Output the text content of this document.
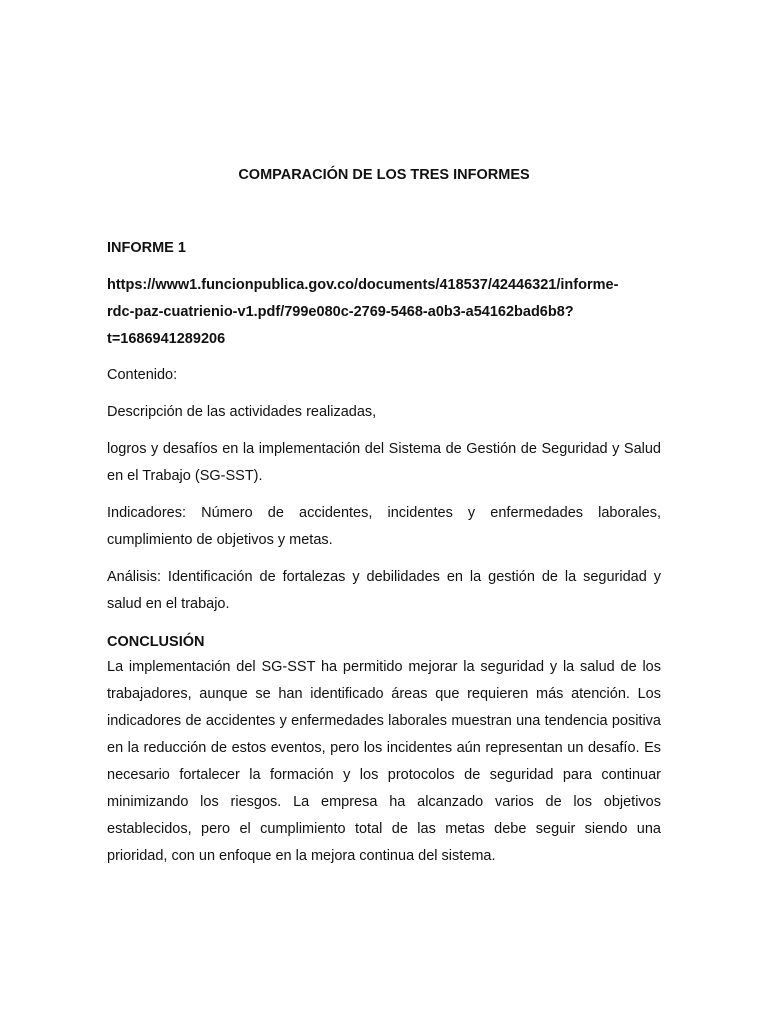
COMPARACIÓN DE LOS TRES INFORMES

INFORME 1

https://www1.funcionpublica.gov.co/documents/418537/42446321/informe-
rdc-paz-cuatrienio-v1.pdf/799e080c-2769-5468-a0b3-a54162bad6b8?
t=1686941289206

Contenido:

Descripción de las actividades realizadas,

logros y desafíos en la implementación del Sistema de Gestión de Seguridad y Salud en el Trabajo (SG-SST).

Indicadores: Número de accidentes, incidentes y enfermedades laborales, cumplimiento de objetivos y metas.

Análisis: Identificación de fortalezas y debilidades en la gestión de la seguridad y salud en el trabajo.

CONCLUSIÓN

La implementación del SG-SST ha permitido mejorar la seguridad y la salud de los trabajadores, aunque se han identificado áreas que requieren más atención. Los indicadores de accidentes y enfermedades laborales muestran una tendencia positiva en la reducción de estos eventos, pero los incidentes aún representan un desafío. Es necesario fortalecer la formación y los protocolos de seguridad para continuar minimizando los riesgos. La empresa ha alcanzado varios de los objetivos establecidos, pero el cumplimiento total de las metas debe seguir siendo una prioridad, con un enfoque en la mejora continua del sistema.
